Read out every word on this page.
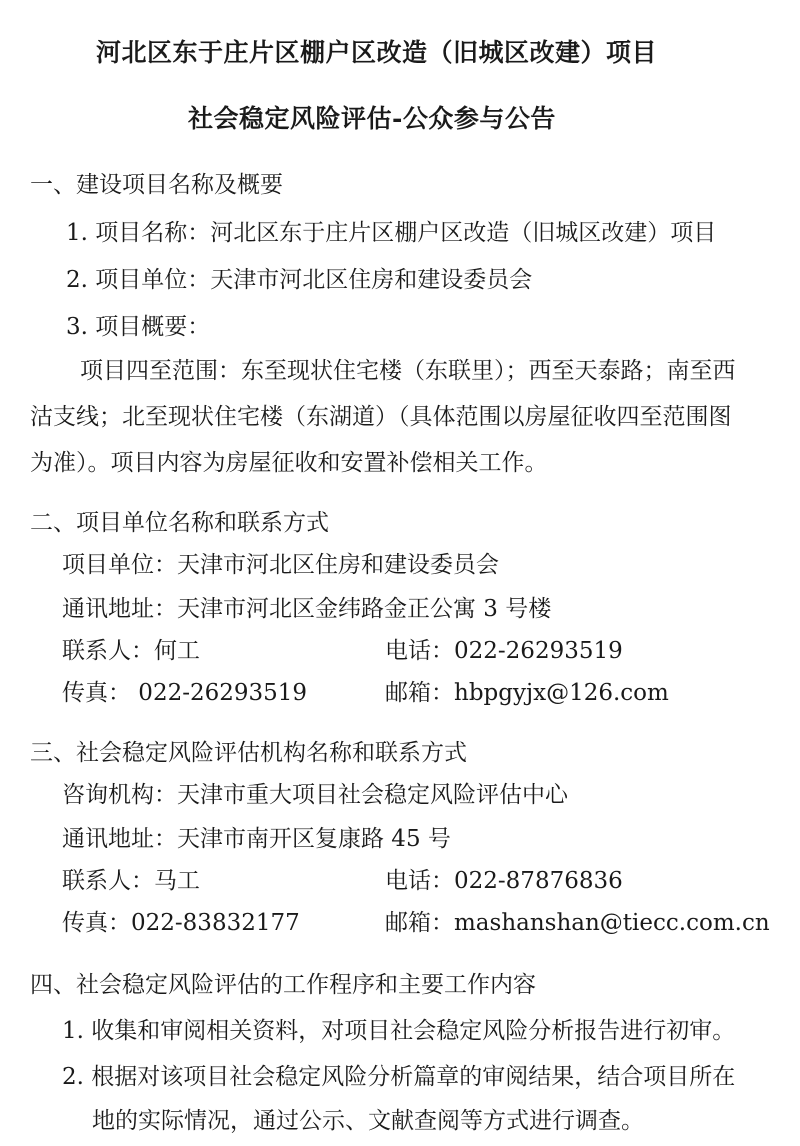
河北区东于庄片区棚户区改造（旧城区改建）项目
社会稳定风险评估-公众参与公告
一、建设项目名称及概要
1. 项目名称：河北区东于庄片区棚户区改造（旧城区改建）项目
2. 项目单位：天津市河北区住房和建设委员会
3. 项目概要：
项目四至范围：东至现状住宅楼（东联里）；西至天泰路；南至西
沽支线；北至现状住宅楼（东湖道）（具体范围以房屋征收四至范围图
为准）。项目内容为房屋征收和安置补偿相关工作。
二、项目单位名称和联系方式
项目单位：天津市河北区住房和建设委员会
通讯地址：天津市河北区金纬路金正公寓 3 号楼
联系人：何工	电话：022-26293519
传真： 022-26293519	邮箱：hbpgyjx@126.com
三、社会稳定风险评估机构名称和联系方式
咨询机构：天津市重大项目社会稳定风险评估中心
通讯地址：天津市南开区复康路 45 号
联系人：马工	电话：022-87876836
传真：022-83832177	邮箱：mashanshan@tiecc.com.cn
四、社会稳定风险评估的工作程序和主要工作内容
1. 收集和审阅相关资料，对项目社会稳定风险分析报告进行初审。
2. 根据对该项目社会稳定风险分析篇章的审阅结果，结合项目所在
地的实际情况，通过公示、文献查阅等方式进行调查。
